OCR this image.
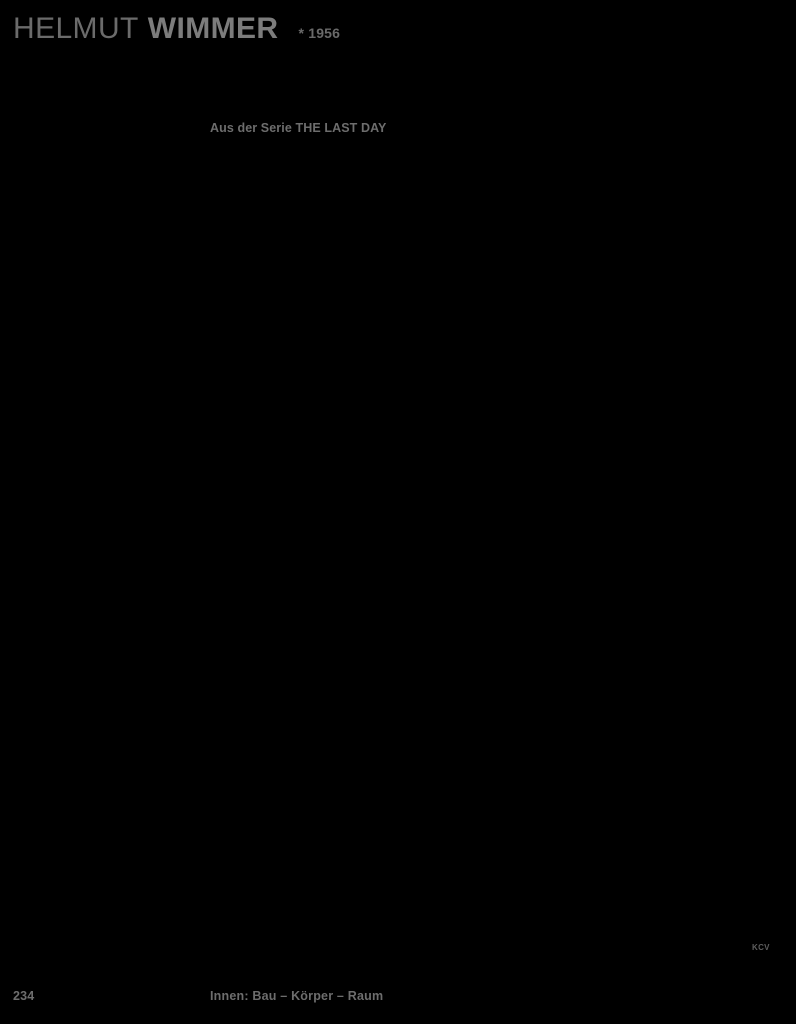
HELMUT WIMMER * 1956
Aus der Serie THE LAST DAY
KCV
234	Innen: Bau – Körper – Raum
